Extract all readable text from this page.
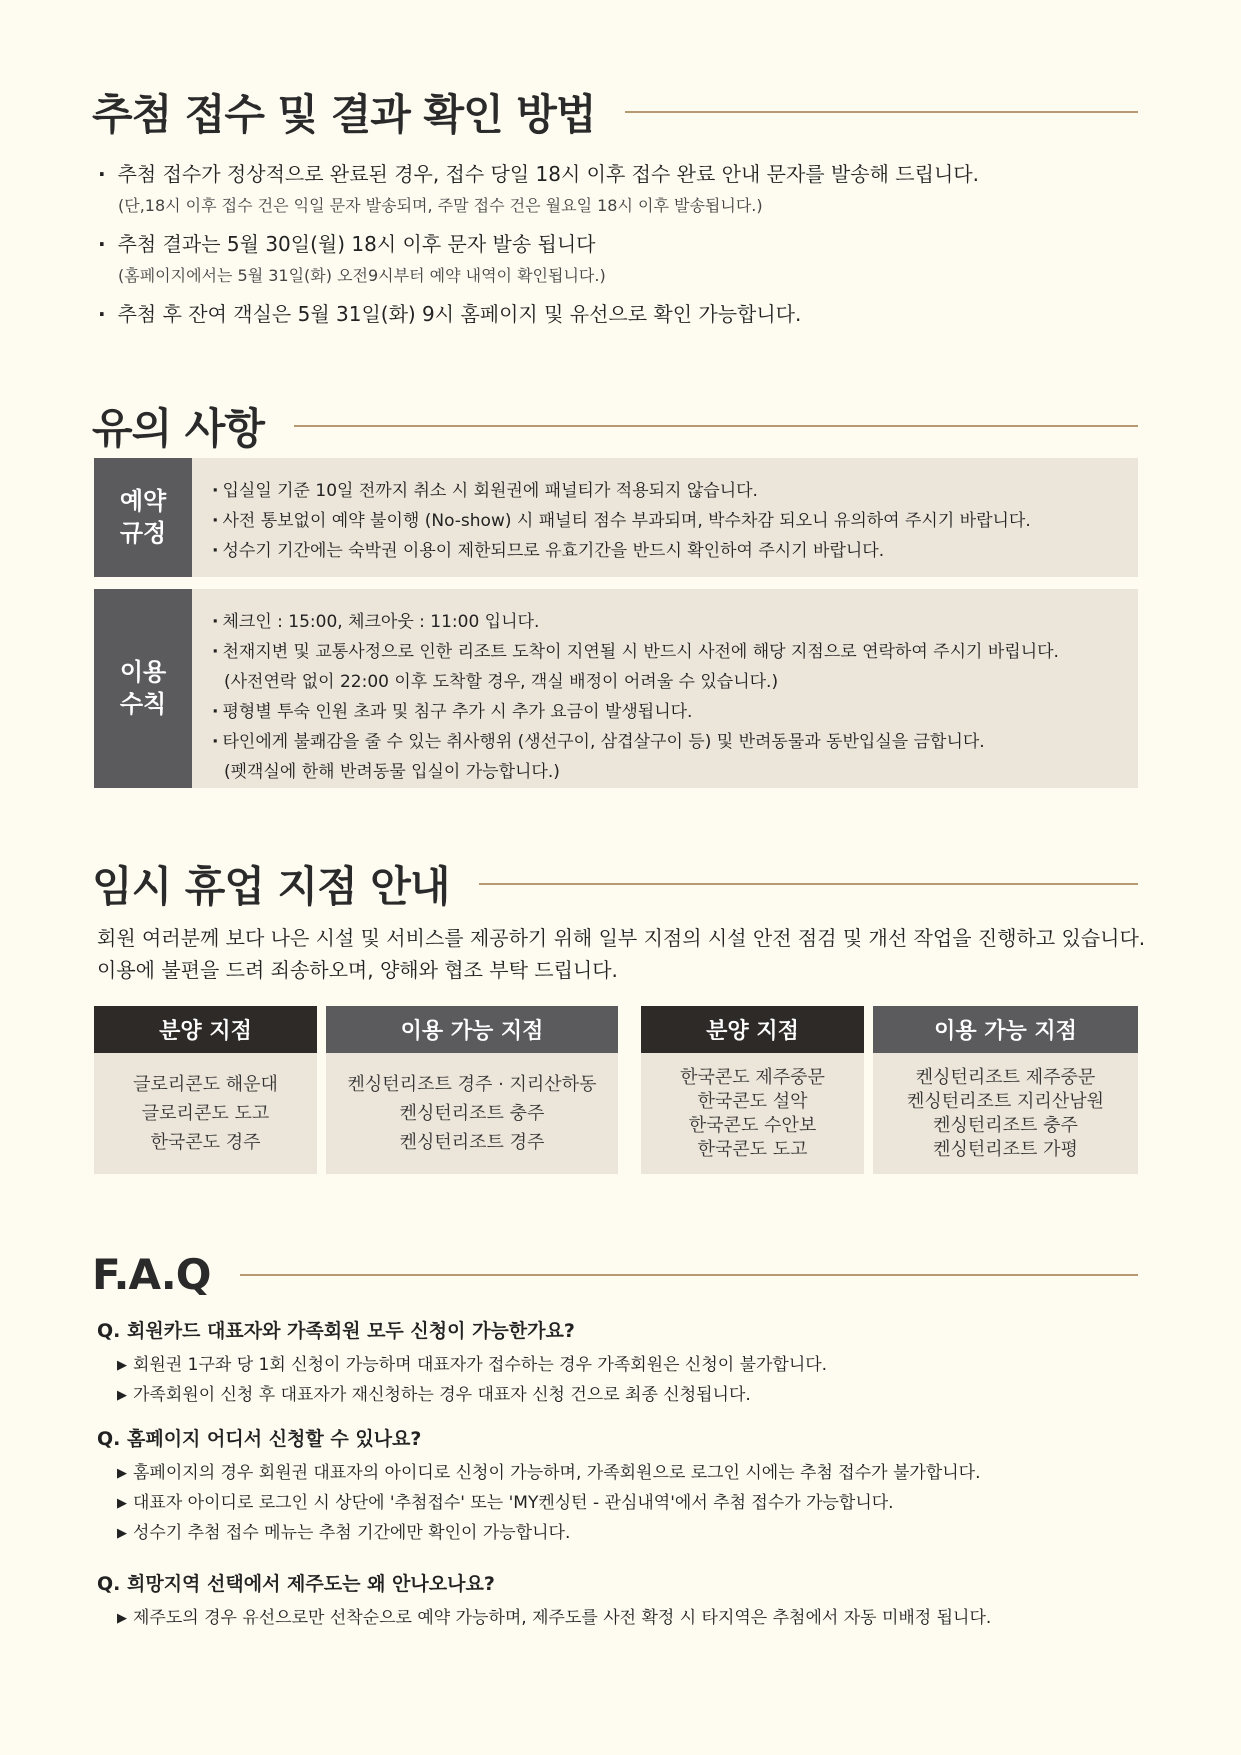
추첨 접수 및 결과 확인 방법
· 추첨 접수가 정상적으로 완료된 경우, 접수 당일 18시 이후 접수 완료 안내 문자를 발송해 드립니다.
(단,18시 이후 접수 건은 익일 문자 발송되며, 주말 접수 건은 월요일 18시 이후 발송됩니다.)
· 추첨 결과는 5월 30일(월) 18시 이후 문자 발송 됩니다
(홈페이지에서는 5월 31일(화) 오전9시부터 예약 내역이 확인됩니다.)
· 추첨 후 잔여 객실은 5월 31일(화) 9시 홈페이지 및 유선으로 확인 가능합니다.
유의 사항
예약
규정
· 입실일 기준 10일 전까지 취소 시 회원권에 패널티가 적용되지 않습니다.
· 사전 통보없이 예약 불이행 (No-show) 시 패널티 점수 부과되며, 박수차감 되오니 유의하여 주시기 바랍니다.
· 성수기 기간에는 숙박권 이용이 제한되므로 유효기간을 반드시 확인하여 주시기 바랍니다.
이용
수칙
· 체크인 : 15:00, 체크아웃 : 11:00 입니다.
· 천재지변 및 교통사정으로 인한 리조트 도착이 지연될 시 반드시 사전에 해당 지점으로 연락하여 주시기 바립니다.
(사전연락 없이 22:00 이후 도착할 경우, 객실 배정이 어려울 수 있습니다.)
· 평형별 투숙 인원 초과 및 침구 추가 시 추가 요금이 발생됩니다.
· 타인에게 불쾌감을 줄 수 있는 취사행위 (생선구이, 삼겹살구이 등) 및 반려동물과 동반입실을 금합니다.
(펫객실에 한해 반려동물 입실이 가능합니다.)
임시 휴업 지점 안내
회원 여러분께 보다 나은 시설 및 서비스를 제공하기 위해 일부 지점의 시설 안전 점검 및 개선 작업을 진행하고 있습니다.
이용에 불편을 드려 죄송하오며, 양해와 협조 부탁 드립니다.
분양 지점
글로리콘도 해운대
글로리콘도 도고
한국콘도 경주
이용 가능 지점
켄싱턴리조트 경주 · 지리산하동
켄싱턴리조트 충주
켄싱턴리조트 경주
분양 지점
한국콘도 제주중문
한국콘도 설악
한국콘도 수안보
한국콘도 도고
이용 가능 지점
켄싱턴리조트 제주중문
켄싱턴리조트 지리산남원
켄싱턴리조트 충주
켄싱턴리조트 가평
F.A.Q
Q. 회원카드 대표자와 가족회원 모두 신청이 가능한가요?
▶ 회원권 1구좌 당 1회 신청이 가능하며 대표자가 접수하는 경우 가족회원은 신청이 불가합니다.
▶ 가족회원이 신청 후 대표자가 재신청하는 경우 대표자 신청 건으로 최종 신청됩니다.
Q. 홈페이지 어디서 신청할 수 있나요?
▶ 홈페이지의 경우 회원권 대표자의 아이디로 신청이 가능하며, 가족회원으로 로그인 시에는 추첨 접수가 불가합니다.
▶ 대표자 아이디로 로그인 시 상단에 '추첨접수' 또는 'MY켄싱턴 - 관심내역'에서 추첨 접수가 가능합니다.
▶ 성수기 추첨 접수 메뉴는 추첨 기간에만 확인이 가능합니다.
Q. 희망지역 선택에서 제주도는 왜 안나오나요?
▶ 제주도의 경우 유선으로만 선착순으로 예약 가능하며, 제주도를 사전 확정 시 타지역은 추첨에서 자동 미배정 됩니다.
